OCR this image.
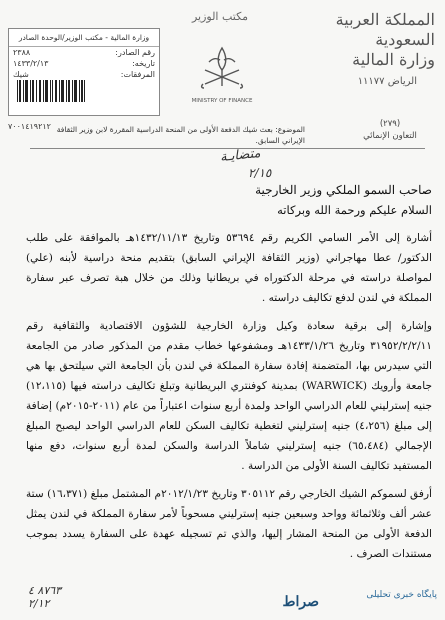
المملكة العربية السعودية
وزارة المالية
الرياض ١١١٧٧
مكتب الوزير
MINISTRY OF FINANCE
وزارة المالية - مكتب الوزير/الوحدة الصادر
رقم الصادر:
٢٣٨٨
تاريخه:
١٤٣٣/٢/١٣
المرفقات:
شيك
(٢٧٩)
التعاون الإنمائي
٧٠٠١٤١٩٢١٢ الموضوع: بعث شيك الدفعة الأولى من المنحة الدراسية المقررة لابن وزير الثقافة الإيراني السابق.
متضايـة
٢/١٥

صاحب السمو الملكي وزير الخارجية

السلام عليكم ورحمة الله وبركاته

أشارة إلى الأمر السامي الكريم رقم ٥٣٦٩٤ وتاريخ ١٤٣٢/١١/١٣هـ بالموافقة على طلب الدكتور/ عطا مهاجراني (وزير الثقافة الإيراني السابق) بتقديم منحة دراسية لأبنه (علي) لمواصلة دراسته في مرحلة الدكتوراه في بريطانيا وذلك من خلال هبة تصرف عبر سفارة المملكة في لندن لدفع تكاليف دراسته .

وإشارة إلى برقية سعادة وكيل وزارة الخارجية للشؤون الاقتصادية والثقافية رقم ٣١٩٥٢/٢/٢/١١ وتاريخ ١٤٣٣/١/٢٦هـ ومشفوعها خطاب مقدم من المذكور صادر من الجامعة التي سيدرس بها، المتضمنة إفادة سفارة المملكة في لندن بأن الجامعة التي سيلتحق بها هي جامعة وأرويك (WARWICK) بمدينة كوفنتري البريطانية وتبلغ تكاليف دراسته فيها (١٢،١١٥) جنيه إسترليني للعام الدراسي الواحد ولمدة أربع سنوات اعتباراً من عام (٢٠١١-٢٠١٥م) إضافة إلى مبلغ (٤،٢٥٦) جنيه إسترليني لتغطية تكاليف السكن للعام الدراسي الواحد ليصبح المبلغ الإجمالي (٦٥،٤٨٤) جنيه إسترليني شاملاً الدراسة والسكن لمدة أربع سنوات، دفع منها المستفيد تكاليف السنة الأولى من الدراسة .

أرفق لسموكم الشيك الخارجي رقم ٣٠٥١١٢ وتاريخ ٢٠١٢/١/٢٣م المشتمل مبلغ (١٦،٣٧١) ستة عشر ألف وثلاثمائة وواحد وسبعين جنيه إسترليني مسحوباً لأمر سفارة المملكة في لندن يمثل الدفعة الأولى من المنحة المشار إليها، والذي تم تسجيله عهدة على السفارة يسدد بموجب مستندات الصرف .

٨٧٦٣ ٤
٢/١٢	صراط	پایگاه خبری تحلیلی
